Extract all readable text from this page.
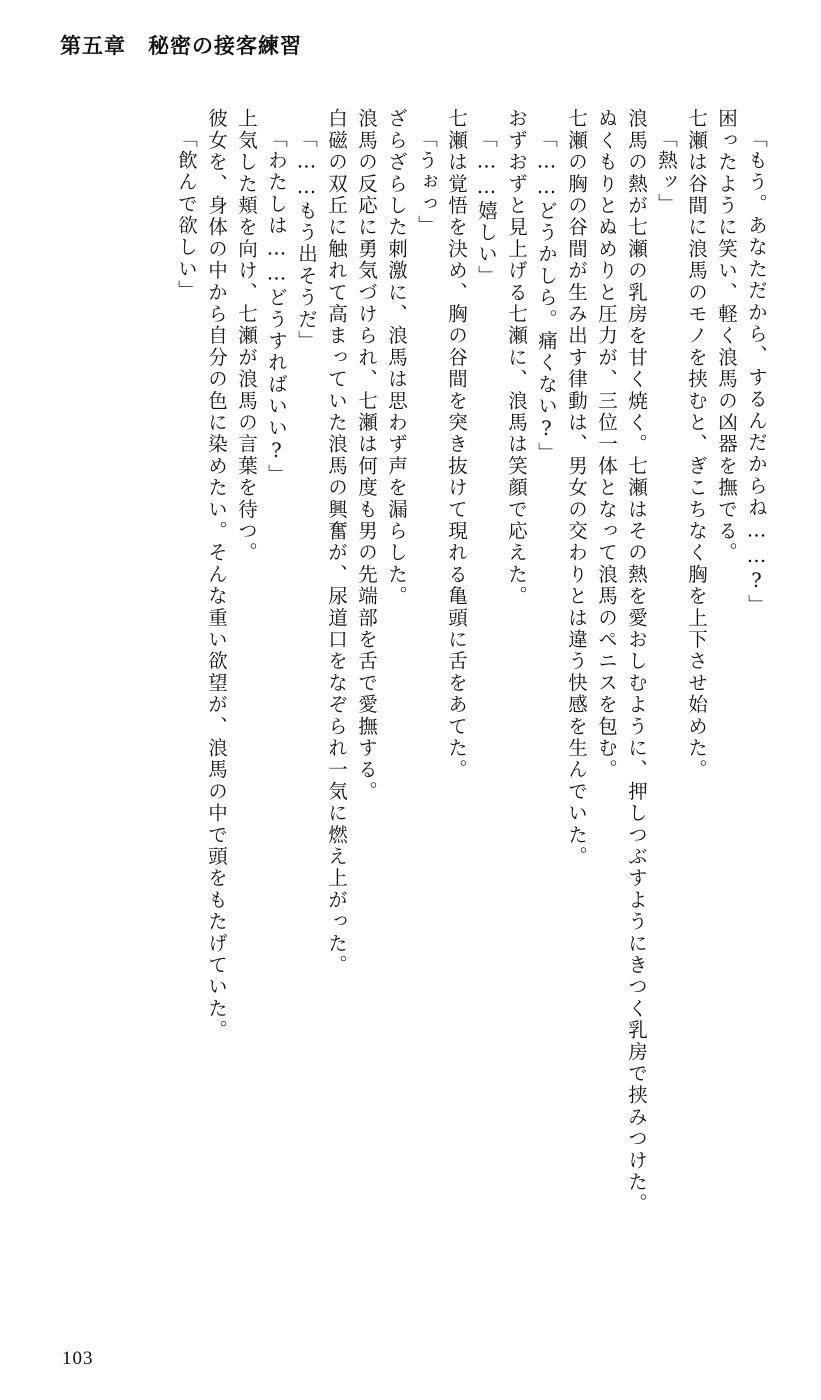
第五章 秘密の接客練習
「もう。あなただから、するんだからね……?」
困ったように笑い、軽く浪馬の凶器を撫でる。
七瀬は谷間に浪馬のモノを挟むと、ぎこちなく胸を上下させ始めた。
「熱ッ」
浪馬の熱が七瀬の乳房を甘く焼く。七瀬はその熱を愛おしむように、押しつぶすようにきつく乳房で挟みつけた。
ぬくもりとぬめりと圧力が、三位一体となって浪馬のペニスを包む。
七瀬の胸の谷間が生み出す律動は、男女の交わりとは違う快感を生んでいた。
「……どうかしら。痛くない?」
おずおずと見上げる七瀬に、浪馬は笑顔で応えた。
「……嬉しい」
七瀬は覚悟を決め、胸の谷間を突き抜けて現れる亀頭に舌をあてた。
「うぉっ」
ざらざらした刺激に、浪馬は思わず声を漏らした。
浪馬の反応に勇気づけられ、七瀬は何度も男の先端部を舌で愛撫する。
白磁の双丘に触れて高まっていた浪馬の興奮が、尿道口をなぞられ一気に燃え上がった。
「……もう出そうだ」
「わたしは……どうすればいい?」
上気した頬を向け、七瀬が浪馬の言葉を待つ。
彼女を、身体の中から自分の色に染めたい。そんな重い欲望が、浪馬の中で頭をもたげていた。
「飲んで欲しい」
103
